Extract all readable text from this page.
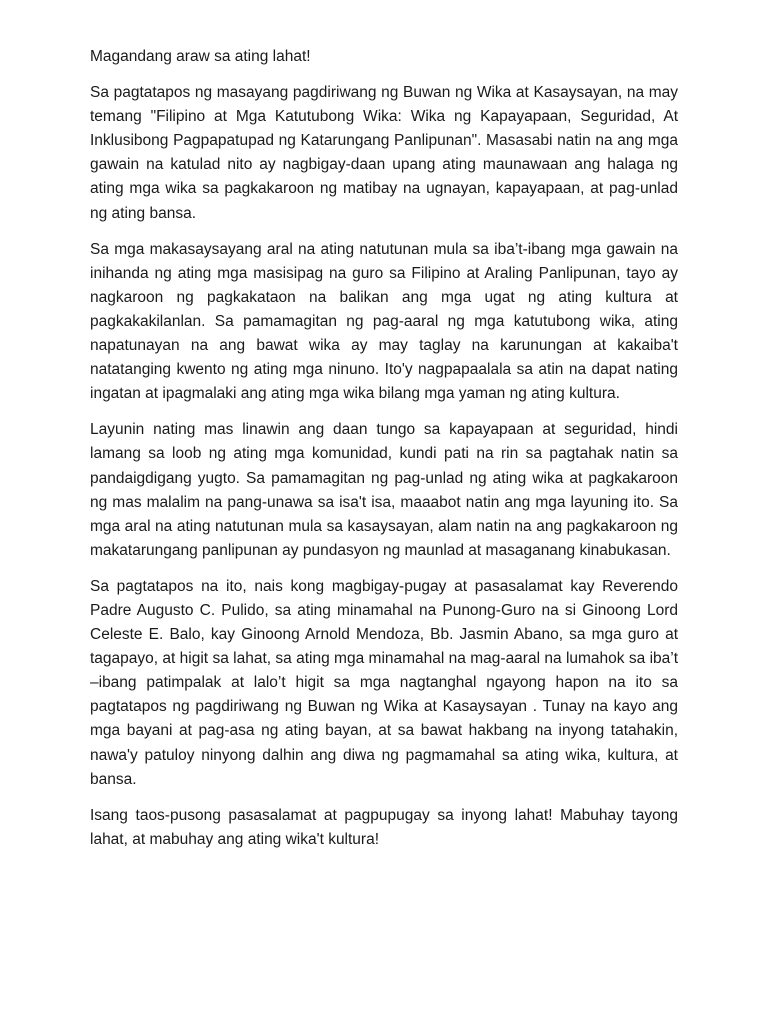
Magandang araw sa ating lahat!

Sa pagtatapos ng masayang pagdiriwang ng Buwan ng Wika at Kasaysayan, na may temang "Filipino at Mga Katutubong Wika: Wika ng Kapayapaan, Seguridad, At Inklusibong Pagpapatupad ng Katarungang Panlipunan". Masasabi natin na ang mga gawain na katulad nito ay nagbigay-daan upang ating maunawaan ang halaga ng ating mga wika sa pagkakaroon ng matibay na ugnayan, kapayapaan, at pag-unlad ng ating bansa.

Sa mga makasaysayang aral na ating natutunan mula sa iba’t-ibang mga gawain na inihanda ng ating mga masisipag na guro sa Filipino at Araling Panlipunan, tayo ay nagkaroon ng pagkakataon na balikan ang mga ugat ng ating kultura at pagkakakilanlan. Sa pamamagitan ng pag-aaral ng mga katutubong wika, ating napatunayan na ang bawat wika ay may taglay na karunungan at kakaiba't natatanging kwento ng ating mga ninuno. Ito'y nagpapaalala sa atin na dapat nating ingatan at ipagmalaki ang ating mga wika bilang mga yaman ng ating kultura.

Layunin nating mas linawin ang daan tungo sa kapayapaan at seguridad, hindi lamang sa loob ng ating mga komunidad, kundi pati na rin sa pagtahak natin sa pandaigdigang yugto. Sa pamamagitan ng pag-unlad ng ating wika at pagkakaroon ng mas malalim na pang-unawa sa isa't isa, maaabot natin ang mga layuning ito. Sa mga aral na ating natutunan mula sa kasaysayan, alam natin na ang pagkakaroon ng makatarungang panlipunan ay pundasyon ng maunlad at masaganang kinabukasan.

Sa pagtatapos na ito, nais kong magbigay-pugay at pasasalamat kay Reverendo Padre Augusto C. Pulido, sa ating minamahal na Punong-Guro na si Ginoong Lord Celeste E. Balo, kay Ginoong Arnold Mendoza, Bb. Jasmin Abano, sa mga guro at tagapayo, at higit sa lahat, sa ating mga minamahal na mag-aaral na lumahok sa iba’t –ibang patimpalak at lalo’t higit sa mga nagtanghal ngayong hapon na ito sa pagtatapos ng pagdiriwang ng Buwan ng Wika at Kasaysayan . Tunay na kayo ang mga bayani at pag-asa ng ating bayan, at sa bawat hakbang na inyong tatahakin, nawa'y patuloy ninyong dalhin ang diwa ng pagmamahal sa ating wika, kultura, at bansa.

Isang taos-pusong pasasalamat at pagpupugay sa inyong lahat! Mabuhay tayong lahat, at mabuhay ang ating wika't kultura!
